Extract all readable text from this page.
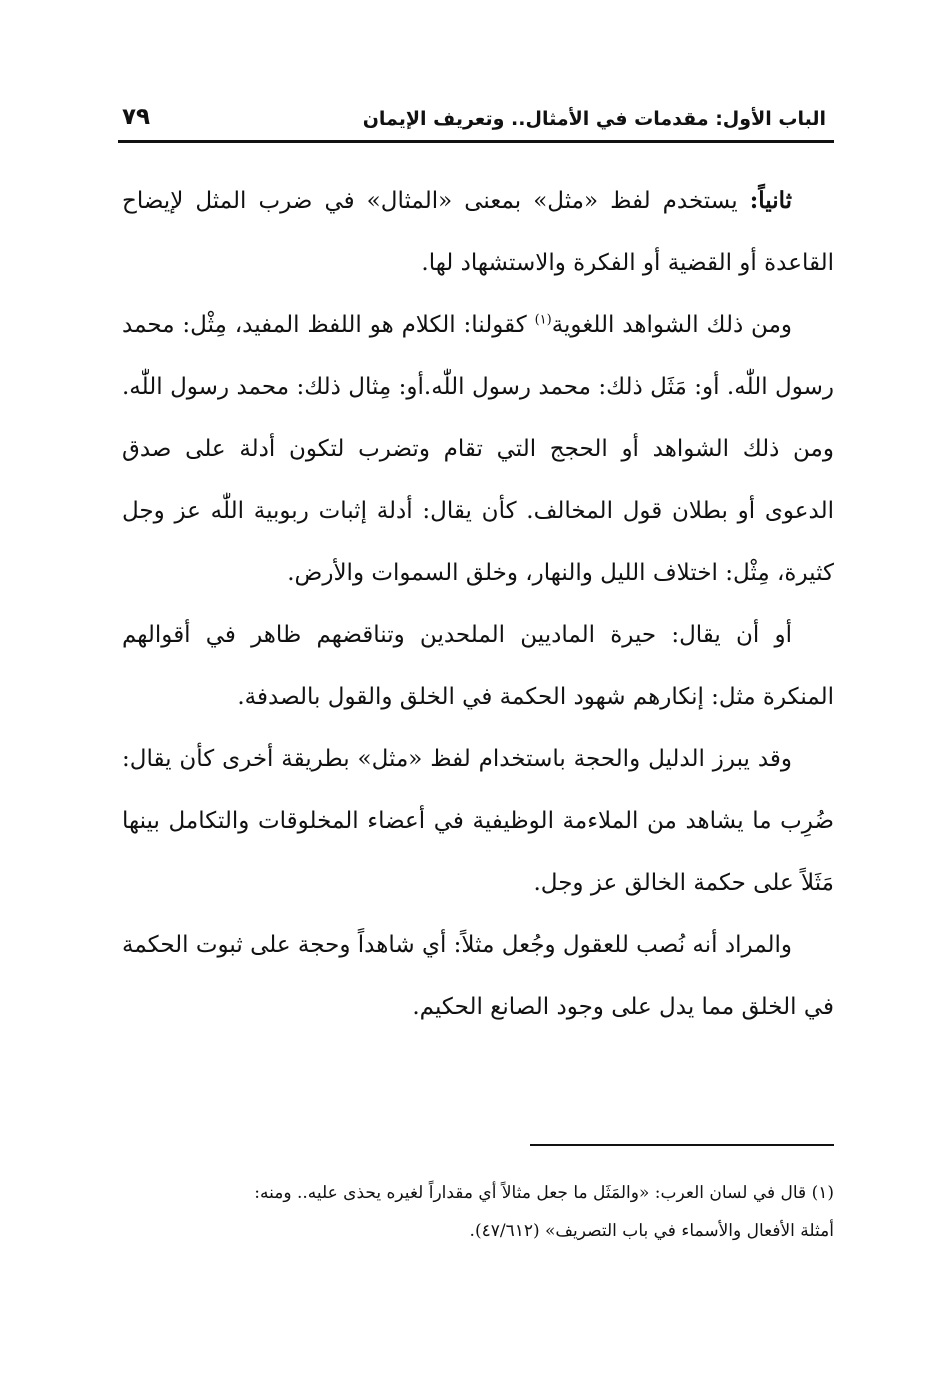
الباب الأول: مقدمات في الأمثال.. وتعريف الإيمان
٧٩

ثانياً: يستخدم لفظ «مثل» بمعنى «المثال» في ضرب المثل لإيضاح القاعدة أو القضية أو الفكرة والاستشهاد لها.

ومن ذلك الشواهد اللغوية$^{(١)}$ كقولنا: الكلام هو اللفظ المفيد، مِثْل: محمد رسول اللّٰه. أو: مَثَل ذلك: محمد رسول اللّٰه.أو: مِثال ذلك: محمد رسول اللّٰه. ومن ذلك الشواهد أو الحجج التي تقام وتضرب لتكون أدلة على صدق الدعوى أو بطلان قول المخالف. كأن يقال: أدلة إثبات ربوبية اللّٰه عز وجل كثيرة، مِثْل: اختلاف الليل والنهار، وخلق السموات والأرض.

أو أن يقال: حيرة الماديين الملحدين وتناقضهم ظاهر في أقوالهم المنكرة مثل: إنكارهم شهود الحكمة في الخلق والقول بالصدفة.

وقد يبرز الدليل والحجة باستخدام لفظ «مثل» بطريقة أخرى كأن يقال: ضُرِب ما يشاهد من الملاءمة الوظيفية في أعضاء المخلوقات والتكامل بينها مَثَلاً على حكمة الخالق عز وجل.

والمراد أنه نُصب للعقول وجُعل مثلاً: أي شاهداً وحجة على ثبوت الحكمة في الخلق مما يدل على وجود الصانع الحكيم.

(١) قال في لسان العرب: «والمَثَل ما جعل مثالاً أي مقداراً لغيره يحذى عليه.. ومنه:

أمثلة الأفعال والأسماء في باب التصريف» (٤٧/٦١٢).
